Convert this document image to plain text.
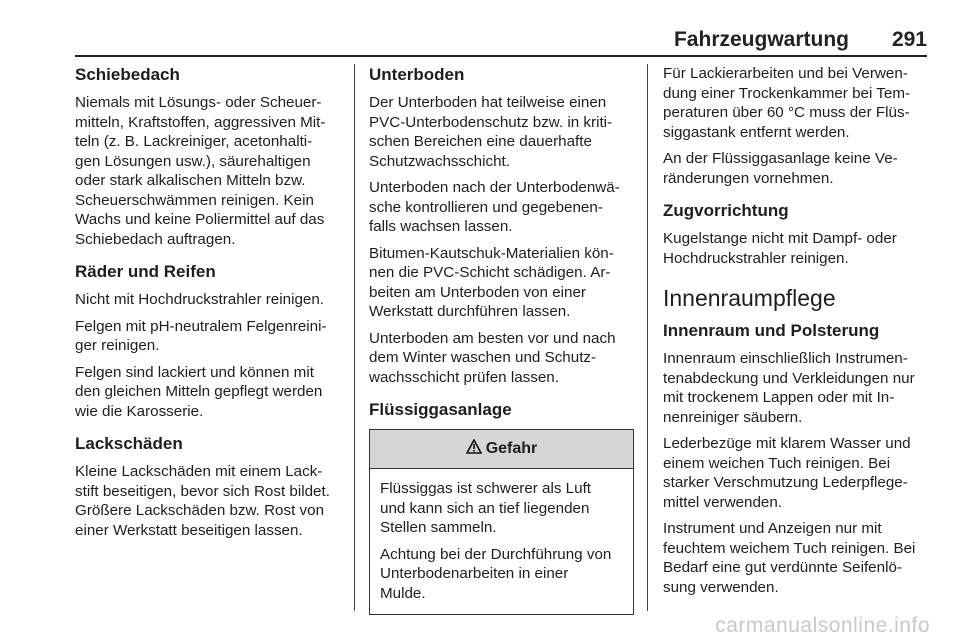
Fahrzeugwartung 291
Schiebedach

Niemals mit Lösungs- oder Scheuer-
mitteln, Kraftstoffen, aggressiven Mit-
teln (z. B. Lackreiniger, acetonhalti-
gen Lösungen usw.), säurehaltigen
oder stark alkalischen Mitteln bzw.
Scheuerschwämmen reinigen. Kein
Wachs und keine Poliermittel auf das
Schiebedach auftragen.

Räder und Reifen

Nicht mit Hochdruckstrahler reinigen.

Felgen mit pH-neutralem Felgenreini-
ger reinigen.

Felgen sind lackiert und können mit
den gleichen Mitteln gepflegt werden
wie die Karosserie.

Lackschäden

Kleine Lackschäden mit einem Lack-
stift beseitigen, bevor sich Rost bildet.
Größere Lackschäden bzw. Rost von
einer Werkstatt beseitigen lassen.

Unterboden

Der Unterboden hat teilweise einen
PVC-Unterbodenschutz bzw. in kriti-
schen Bereichen eine dauerhafte
Schutzwachsschicht.

Unterboden nach der Unterbodenwä-
sche kontrollieren und gegebenen-
falls wachsen lassen.

Bitumen-Kautschuk-Materialien kön-
nen die PVC-Schicht schädigen. Ar-
beiten am Unterboden von einer
Werkstatt durchführen lassen.

Unterboden am besten vor und nach
dem Winter waschen und Schutz-
wachsschicht prüfen lassen.

Flüssiggasanlage
Gefahr

Flüssiggas ist schwerer als Luft
und kann sich an tief liegenden
Stellen sammeln.

Achtung bei der Durchführung von
Unterbodenarbeiten in einer
Mulde.

Für Lackierarbeiten und bei Verwen-
dung einer Trockenkammer bei Tem-
peraturen über 60 °C muss der Flüs-
siggastank entfernt werden.

An der Flüssiggasanlage keine Ve-
ränderungen vornehmen.

Zugvorrichtung

Kugelstange nicht mit Dampf- oder
Hochdruckstrahler reinigen.

Innenraumpflege
Innenraum und Polsterung

Innenraum einschließlich Instrumen-
tenabdeckung und Verkleidungen nur
mit trockenem Lappen oder mit In-
nenreiniger säubern.

Lederbezüge mit klarem Wasser und
einem weichen Tuch reinigen. Bei
starker Verschmutzung Lederpflege-
mittel verwenden.

Instrument und Anzeigen nur mit
feuchtem weichem Tuch reinigen. Bei
Bedarf eine gut verdünnte Seifenlö-
sung verwenden.

carmanualsonline.info
